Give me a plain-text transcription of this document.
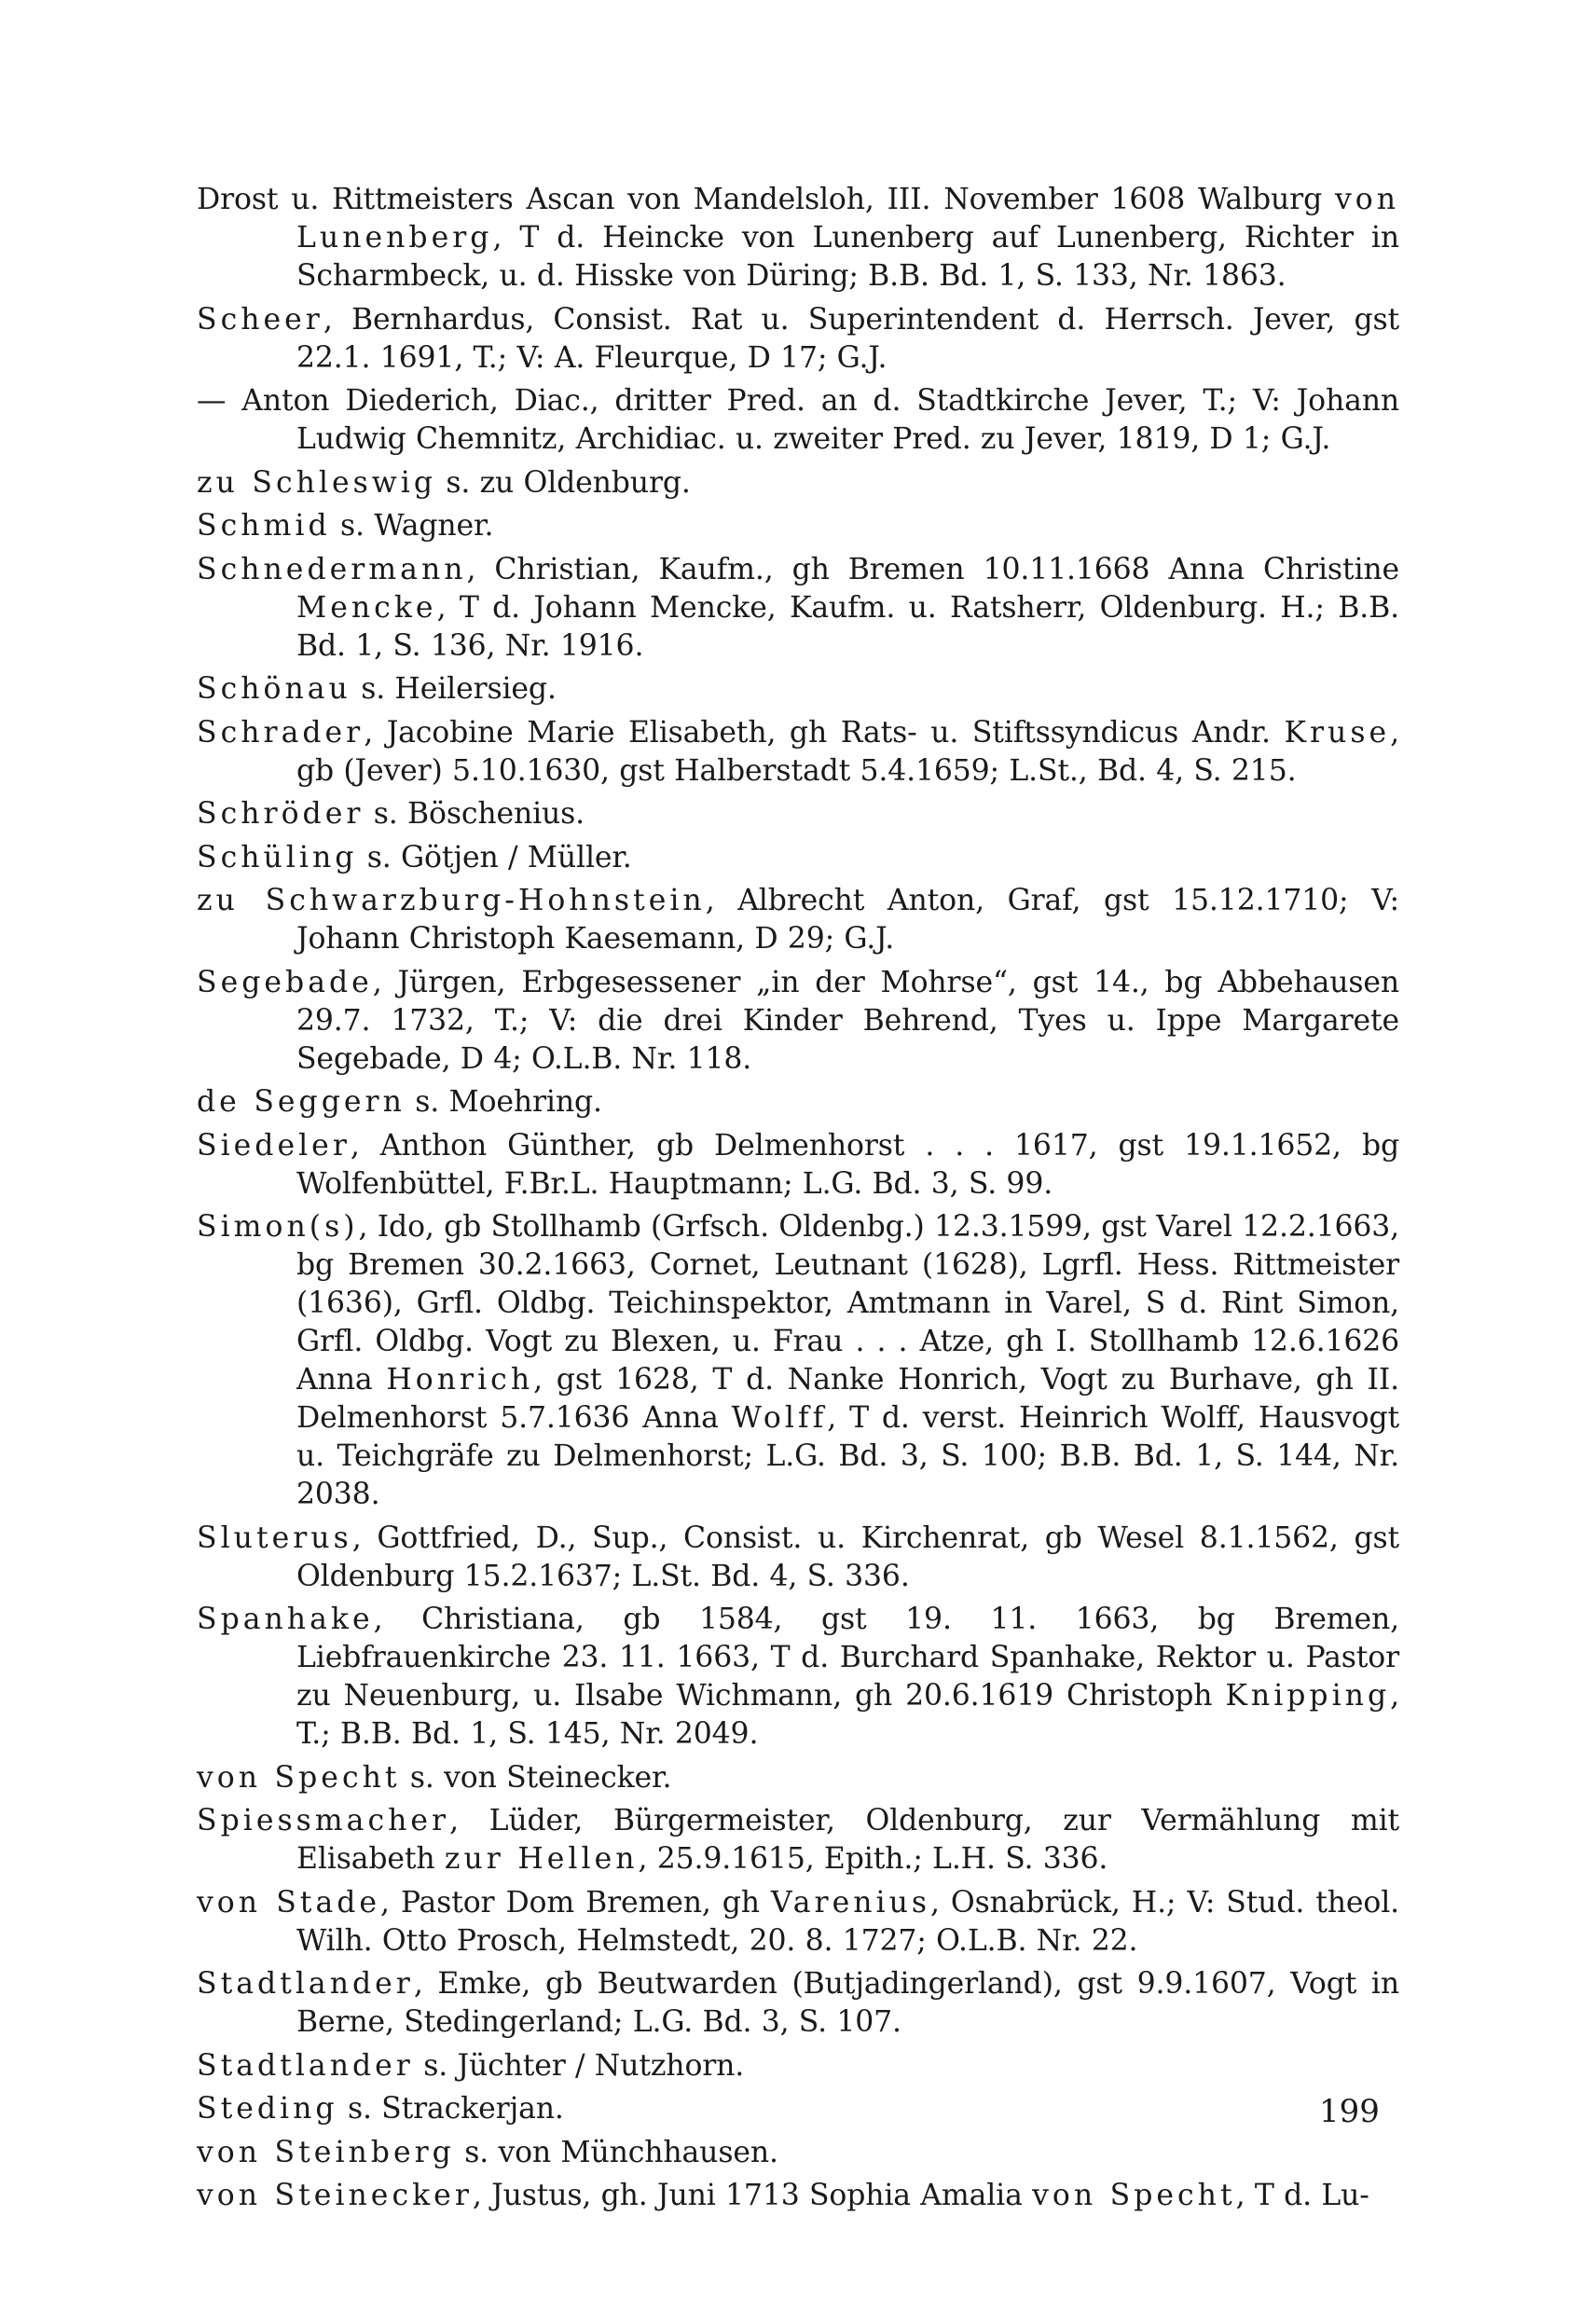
Drost u. Rittmeisters Ascan von Mandelsloh, III. November 1608 Walburg von Lunenberg, T d. Heincke von Lunenberg auf Lunenberg, Richter in Scharmbeck, u. d. Hisske von Düring; B.B. Bd. 1, S. 133, Nr. 1863.

Scheer, Bernhardus, Consist. Rat u. Superintendent d. Herrsch. Jever, gst 22.1. 1691, T.; V: A. Fleurque, D 17; G.J.

— Anton Diederich, Diac., dritter Pred. an d. Stadtkirche Jever, T.; V: Johann Ludwig Chemnitz, Archidiac. u. zweiter Pred. zu Jever, 1819, D 1; G.J.

zu Schleswig s. zu Oldenburg.

Schmid s. Wagner.

Schnedermann, Christian, Kaufm., gh Bremen 10.11.1668 Anna Christine Mencke, T d. Johann Mencke, Kaufm. u. Ratsherr, Oldenburg. H.; B.B. Bd. 1, S. 136, Nr. 1916.

Schönau s. Heilersieg.

Schrader, Jacobine Marie Elisabeth, gh Rats- u. Stiftssyndicus Andr. Kruse, gb (Jever) 5.10.1630, gst Halberstadt 5.4.1659; L.St., Bd. 4, S. 215.

Schröder s. Böschenius.

Schüling s. Götjen / Müller.

zu Schwarzburg-Hohnstein, Albrecht Anton, Graf, gst 15.12.1710; V: Johann Christoph Kaesemann, D 29; G.J.

Segebade, Jürgen, Erbgesessener „in der Mohrse“, gst 14., bg Abbehausen 29.7. 1732, T.; V: die drei Kinder Behrend, Tyes u. Ippe Margarete Segebade, D 4; O.L.B. Nr. 118.

de Seggern s. Moehring.

Siedeler, Anthon Günther, gb Delmenhorst . . . 1617, gst 19.1.1652, bg Wolfenbüttel, F.Br.L. Hauptmann; L.G. Bd. 3, S. 99.

Simon(s), Ido, gb Stollhamb (Grfsch. Oldenbg.) 12.3.1599, gst Varel 12.2.1663, bg Bremen 30.2.1663, Cornet, Leutnant (1628), Lgrfl. Hess. Rittmeister (1636), Grfl. Oldbg. Teichinspektor, Amtmann in Varel, S d. Rint Simon, Grfl. Oldbg. Vogt zu Blexen, u. Frau . . . Atze, gh I. Stollhamb 12.6.1626 Anna Honrich, gst 1628, T d. Nanke Honrich, Vogt zu Burhave, gh II. Delmenhorst 5.7.1636 Anna Wolff, T d. verst. Heinrich Wolff, Hausvogt u. Teichgräfe zu Delmenhorst; L.G. Bd. 3, S. 100; B.B. Bd. 1, S. 144, Nr. 2038.

Sluterus, Gottfried, D., Sup., Consist. u. Kirchenrat, gb Wesel 8.1.1562, gst Oldenburg 15.2.1637; L.St. Bd. 4, S. 336.

Spanhake, Christiana, gb 1584, gst 19. 11. 1663, bg Bremen, Liebfrauenkirche 23. 11. 1663, T d. Burchard Spanhake, Rektor u. Pastor zu Neuenburg, u. Ilsabe Wichmann, gh 20.6.1619 Christoph Knipping, T.; B.B. Bd. 1, S. 145, Nr. 2049.

von Specht s. von Steinecker.

Spiessmacher, Lüder, Bürgermeister, Oldenburg, zur Vermählung mit Elisabeth zur Hellen, 25.9.1615, Epith.; L.H. S. 336.

von Stade, Pastor Dom Bremen, gh Varenius, Osnabrück, H.; V: Stud. theol. Wilh. Otto Prosch, Helmstedt, 20. 8. 1727; O.L.B. Nr. 22.

Stadtlander, Emke, gb Beutwarden (Butjadingerland), gst 9.9.1607, Vogt in Berne, Stedingerland; L.G. Bd. 3, S. 107.

Stadtlander s. Jüchter / Nutzhorn.

Steding s. Strackerjan.

von Steinberg s. von Münchhausen.

von Steinecker, Justus, gh. Juni 1713 Sophia Amalia von Specht, T d. Lu-

199
